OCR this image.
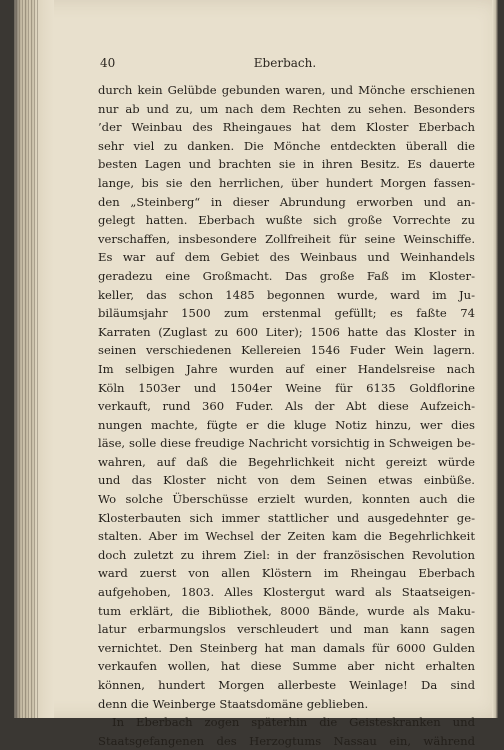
40	Eberbach.
durch kein Gelübde gebunden waren, und Mönche erschienen
nur ab und zu, um nach dem Rechten zu sehen. Besonders
’der Weinbau des Rheingaues hat dem Kloster Eberbach
sehr viel zu danken. Die Mönche entdeckten überall die
besten Lagen und brachten sie in ihren Besitz. Es dauerte
lange, bis sie den herrlichen, über hundert Morgen fassen-
den „Steinberg“ in dieser Abrundung erworben und an-
gelegt hatten. Eberbach wußte sich große Vorrechte zu
verschaffen, insbesondere Zollfreiheit für seine Weinschiffe.
Es war auf dem Gebiet des Weinbaus und Weinhandels
geradezu eine Großmacht. Das große Faß im Kloster-
keller, das schon 1485 begonnen wurde, ward im Ju-
biläumsjahr 1500 zum erstenmal gefüllt; es faßte 74
Karraten (Zuglast zu 600 Liter); 1506 hatte das Kloster in
seinen verschiedenen Kellereien 1546 Fuder Wein lagern.
Im selbigen Jahre wurden auf einer Handelsreise nach
Köln 1503er und 1504er Weine für 6135 Goldflorine
verkauft, rund 360 Fuder. Als der Abt diese Aufzeich-
nungen machte, fügte er die kluge Notiz hinzu, wer dies
läse, solle diese freudige Nachricht vorsichtig in Schweigen be-
wahren, auf daß die Begehrlichkeit nicht gereizt würde
und das Kloster nicht von dem Seinen etwas einbüße.
Wo solche Überschüsse erzielt wurden, konnten auch die
Klosterbauten sich immer stattlicher und ausgedehnter ge-
stalten. Aber im Wechsel der Zeiten kam die Begehrlichkeit
doch zuletzt zu ihrem Ziel: in der französischen Revolution
ward zuerst von allen Klöstern im Rheingau Eberbach
aufgehoben, 1803. Alles Klostergut ward als Staatseigen-
tum erklärt, die Bibliothek, 8000 Bände, wurde als Maku-
latur erbarmungslos verschleudert und man kann sagen
vernichtet. Den Steinberg hat man damals für 6000 Gulden
verkaufen wollen, hat diese Summe aber nicht erhalten
können, hundert Morgen allerbeste Weinlage! Da sind
denn die Weinberge Staatsdomäne geblieben.
In Eberbach zogen späterhin die Geisteskranken und
Staatsgefangenen des Herzogtums Nassau ein, während
